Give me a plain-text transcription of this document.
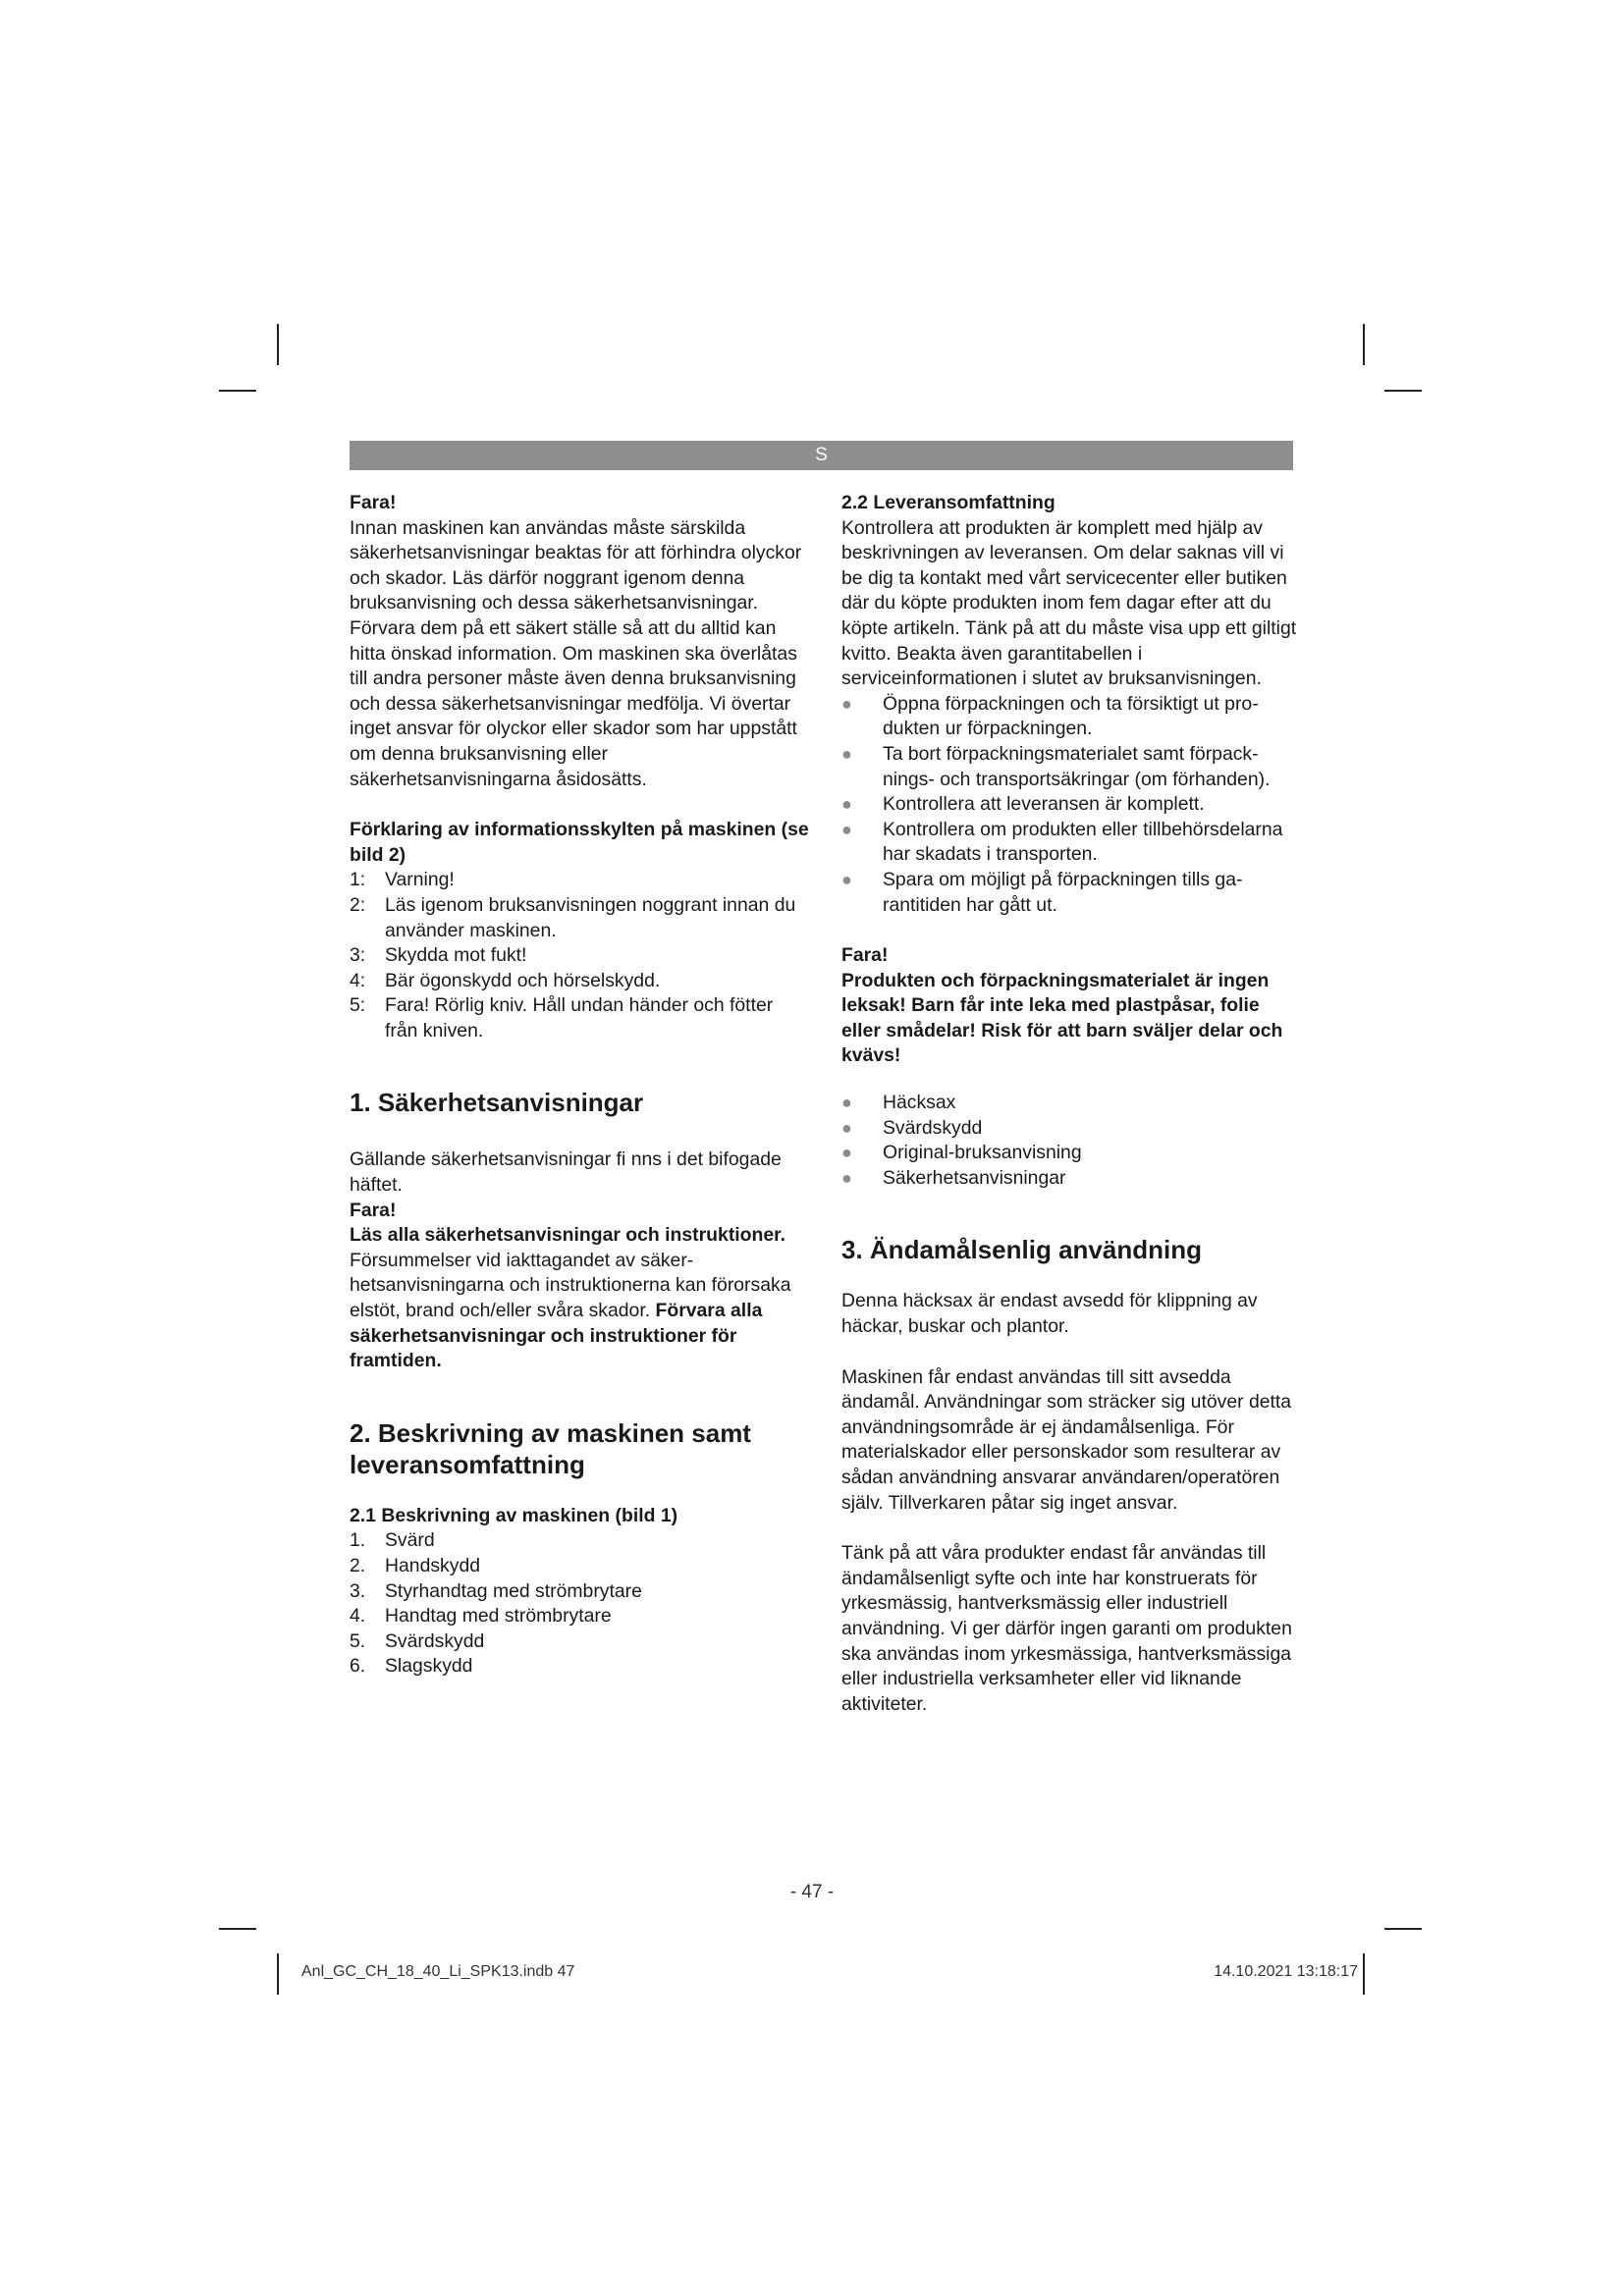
S

Fara!

Innan maskinen kan användas måste särskilda säkerhetsanvisningar beaktas för att förhindra olyckor och skador. Läs därför noggrant igenom denna bruksanvisning och dessa säkerhetsanvisningar. Förvara dem på ett säkert ställe så att du alltid kan hitta önskad information. Om maskinen ska överlåtas till andra personer måste även denna bruksanvisning och dessa säkerhetsanvisningar medfölja. Vi övertar inget ansvar för olyckor eller skador som har uppstått om denna bruksanvisning eller säkerhetsanvisningarna åsidosätts.

Förklaring av informationsskylten på maskinen (se bild 2)

1: Varning!
2: Läs igenom bruksanvisningen noggrant innan du använder maskinen.
3: Skydda mot fukt!
4: Bär ögonskydd och hörselskydd.
5: Fara! Rörlig kniv. Håll undan händer och fötter från kniven.

1. Säkerhetsanvisningar

Gällande säkerhetsanvisningar fi nns i det bifogade häftet.

Fara!

Läs alla säkerhetsanvisningar och instruktioner. Försummelser vid iakttagandet av säkerhetsanvisningarna och instruktionerna kan förorsaka elstöt, brand och/eller svåra skador. Förvara alla säkerhetsanvisningar och instruktioner för framtiden.

2. Beskrivning av maskinen samt leveransomfattning

2.1 Beskrivning av maskinen (bild 1)

1. Svärd
2. Handskydd
3. Styrhandtag med strömbrytare
4. Handtag med strömbrytare
5. Svärdskydd
6. Slagskydd

2.2 Leveransomfattning

Kontrollera att produkten är komplett med hjälp av beskrivningen av leveransen. Om delar saknas vill vi be dig ta kontakt med vårt servicecenter eller butiken där du köpte produkten inom fem dagar efter att du köpte artikeln. Tänk på att du måste visa upp ett giltigt kvitto. Beakta även garantitabellen i serviceinformationen i slutet av bruksanvisningen.

● Öppna förpackningen och ta försiktigt ut produkten ur förpackningen.
● Ta bort förpackningsmaterialet samt förpacknings- och transportsäkringar (om förhanden).
● Kontrollera att leveransen är komplett.
● Kontrollera om produkten eller tillbehörsdelarna har skadats i transporten.
● Spara om möjligt på förpackningen tills garantitiden har gått ut.

Fara!

Produkten och förpackningsmaterialet är ingen leksak! Barn får inte leka med plastpåsar, folie eller smådelar! Risk för att barn sväljer delar och kvävs!

● Häcksax
● Svärdskydd
● Original-bruksanvisning
● Säkerhetsanvisningar

3. Ändamålsenlig användning

Denna häcksax är endast avsedd för klippning av häckar, buskar och plantor.

Maskinen får endast användas till sitt avsedda ändamål. Användningar som sträcker sig utöver detta användningsområde är ej ändamålsenliga. För materialskador eller personskador som resulterar av sådan användning ansvarar användaren/operatören själv. Tillverkaren påtar sig inget ansvar.

Tänk på att våra produkter endast får användas till ändamålsenligt syfte och inte har konstruerats för yrkesmässig, hantverksmässig eller industriell användning. Vi ger därför ingen garanti om produkten ska användas inom yrkesmässiga, hantverksmässiga eller industriella verksamheter eller vid liknande aktiviteter.

- 47 -
Anl_GC_CH_18_40_Li_SPK13.indb 47	14.10.2021 13:18:17
